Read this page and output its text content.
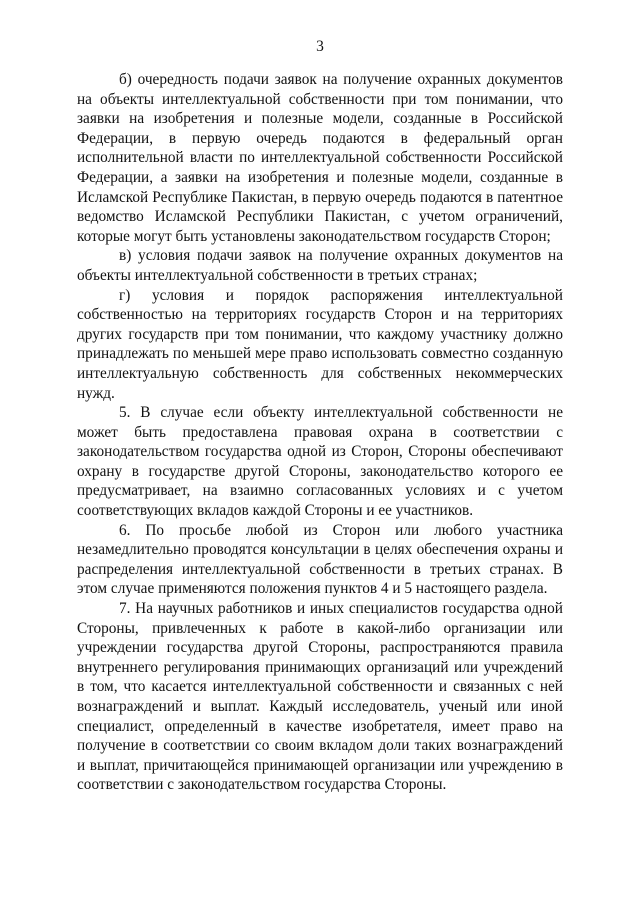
3

б) очередность подачи заявок на получение охранных документов на объекты интеллектуальной собственности при том понимании, что заявки на изобретения и полезные модели, созданные в Российской Федерации, в первую очередь подаются в федеральный орган исполнительной власти по интеллектуальной собственности Российской Федерации, а заявки на изобретения и полезные модели, созданные в Исламской Республике Пакистан, в первую очередь подаются в патентное ведомство Исламской Республики Пакистан, с учетом ограничений, которые могут быть установлены законодательством государств Сторон;

в) условия подачи заявок на получение охранных документов на объекты интеллектуальной собственности в третьих странах;

г) условия и порядок распоряжения интеллектуальной собственностью на территориях государств Сторон и на территориях других государств при том понимании, что каждому участнику должно принадлежать по меньшей мере право использовать совместно созданную интеллектуальную собственность для собственных некоммерческих нужд.

5. В случае если объекту интеллектуальной собственности не может быть предоставлена правовая охрана в соответствии с законодательством государства одной из Сторон, Стороны обеспечивают охрану в государстве другой Стороны, законодательство которого ее предусматривает, на взаимно согласованных условиях и с учетом соответствующих вкладов каждой Стороны и ее участников.

6. По просьбе любой из Сторон или любого участника незамедлительно проводятся консультации в целях обеспечения охраны и распределения интеллектуальной собственности в третьих странах. В этом случае применяются положения пунктов 4 и 5 настоящего раздела.

7. На научных работников и иных специалистов государства одной Стороны, привлеченных к работе в какой-либо организации или учреждении государства другой Стороны, распространяются правила внутреннего регулирования принимающих организаций или учреждений в том, что касается интеллектуальной собственности и связанных с ней вознаграждений и выплат. Каждый исследователь, ученый или иной специалист, определенный в качестве изобретателя, имеет право на получение в соответствии со своим вкладом доли таких вознаграждений и выплат, причитающейся принимающей организации или учреждению в соответствии с законодательством государства Стороны.
